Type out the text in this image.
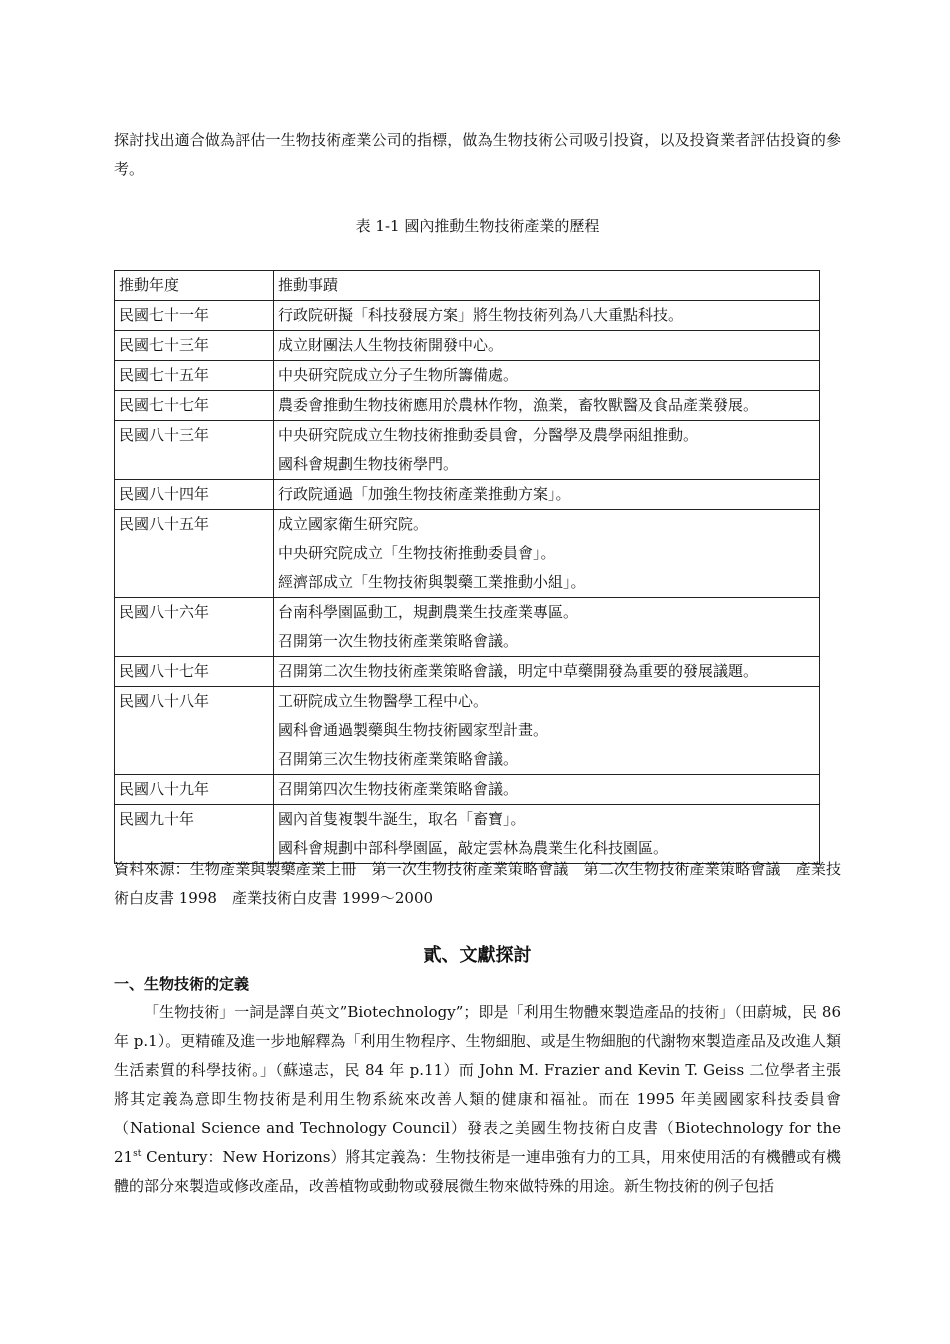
探討找出適合做為評估一生物技術產業公司的指標，做為生物技術公司吸引投資，以及投資業者評估投資的參考。

表 1-1 國內推動生物技術產業的歷程
推動年度	推動事蹟
民國七十一年	行政院研擬「科技發展方案」將生物技術列為八大重點科技。

民國七十三年	成立財團法人生物技術開發中心。

民國七十五年	中央研究院成立分子生物所籌備處。

民國七十七年	農委會推動生物技術應用於農林作物，漁業，畜牧獸醫及食品產業發展。

民國八十三年	中央研究院成立生物技術推動委員會，分醫學及農學兩組推動。
國科會規劃生物技術學門。

民國八十四年	行政院通過「加強生物技術產業推動方案」。

民國八十五年	成立國家衛生研究院。
中央研究院成立「生物技術推動委員會」。
經濟部成立「生物技術與製藥工業推動小組」。

民國八十六年	台南科學園區動工，規劃農業生技產業專區。
召開第一次生物技術產業策略會議。

民國八十七年	召開第二次生物技術產業策略會議，明定中草藥開發為重要的發展議題。

民國八十八年	工研院成立生物醫學工程中心。
國科會通過製藥與生物技術國家型計畫。
召開第三次生物技術產業策略會議。

民國八十九年	召開第四次生物技術產業策略會議。

民國九十年	國內首隻複製牛誕生，取名「畜寶」。
國科會規劃中部科學園區，敲定雲林為農業生化科技園區。

資料來源：生物產業與製藥產業上冊　第一次生物技術產業策略會議　第二次生物技術產業策略會議　產業技術白皮書 1998　產業技術白皮書 1999～2000

貳、文獻探討
一、生物技術的定義

「生物技術」一詞是譯自英文”Biotechnology”；即是「利用生物體來製造產品的技術」（田蔚城，民 86 年 p.1）。更精確及進一步地解釋為「利用生物程序、生物細胞、或是生物細胞的代謝物來製造產品及改進人類生活素質的科學技術。」（蘇遠志，民 84 年 p.11）而 John M. Frazier and Kevin T. Geiss 二位學者主張將其定義為意即生物技術是利用生物系統來改善人類的健康和福祉。而在 1995 年美國國家科技委員會（National Science and Technology Council）發表之美國生物技術白皮書（Biotechnology for the 21st Century：New Horizons）將其定義為：生物技術是一連串強有力的工具，用來使用活的有機體或有機體的部分來製造或修改產品，改善植物或動物或發展微生物來做特殊的用途。新生物技術的例子包括
